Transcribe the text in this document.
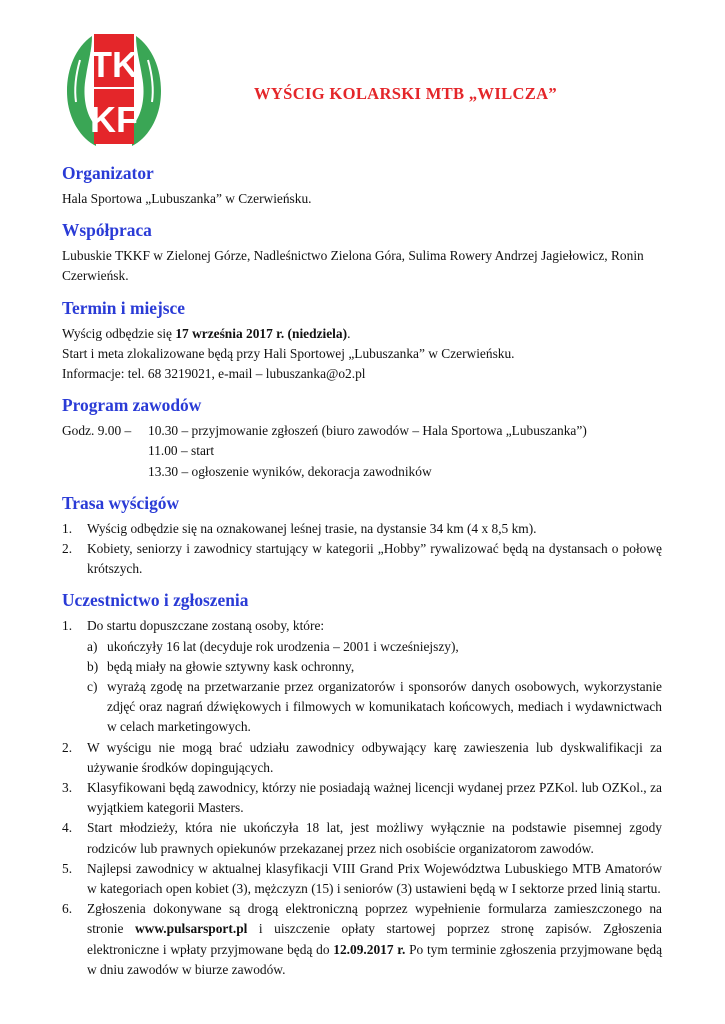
TK
KF
WYŚCIG KOLARSKI MTB „WILCZA”
Organizator

Hala Sportowa „Lubuszanka” w Czerwieńsku.

Współpraca

Lubuskie TKKF w Zielonej Górze, Nadleśnictwo Zielona Góra, Sulima Rowery Andrzej Jagiełowicz, Ronin Czerwieńsk.

Termin i miejsce

Wyścig odbędzie się 17 września 2017 r. (niedziela).

Start i meta zlokalizowane będą przy Hali Sportowej „Lubuszanka” w Czerwieńsku.

Informacje: tel. 68 3219021, e-mail – lubuszanka@o2.pl

Program zawodów
Godz. 9.00 –	10.30 – przyjmowanie zgłoszeń (biuro zawodów – Hala Sportowa „Lubuszanka”)
11.00 – start
13.30 – ogłoszenie wyników, dekoracja zawodników
Trasa wyścigów
1.	Wyścig odbędzie się na oznakowanej leśnej trasie, na dystansie 34 km (4 x 8,5 km).
2.	Kobiety, seniorzy i zawodnicy startujący w kategorii „Hobby” rywalizować będą na dystansach o połowę krótszych.
Uczestnictwo i zgłoszenia
1.	Do startu dopuszczane zostaną osoby, które:
a) ukończyły 16 lat (decyduje rok urodzenia – 2001 i wcześniejszy),
b) będą miały na głowie sztywny kask ochronny,
c) wyrażą zgodę na przetwarzanie przez organizatorów i sponsorów danych osobowych, wykorzystanie zdjęć oraz nagrań dźwiękowych i filmowych w komunikatach końcowych, mediach i wydawnictwach w celach marketingowych.
2.	W wyścigu nie mogą brać udziału zawodnicy odbywający karę zawieszenia lub dyskwalifikacji za używanie środków dopingujących.
3.	Klasyfikowani będą zawodnicy, którzy nie posiadają ważnej licencji wydanej przez PZKol. lub OZKol., za wyjątkiem kategorii Masters.
4.	Start młodzieży, która nie ukończyła 18 lat, jest możliwy wyłącznie na podstawie pisemnej zgody rodziców lub prawnych opiekunów przekazanej przez nich osobiście organizatorom zawodów.
5.	Najlepsi zawodnicy w aktualnej klasyfikacji VIII Grand Prix Województwa Lubuskiego MTB Amatorów w kategoriach open kobiet (3), mężczyzn (15) i seniorów (3) ustawieni będą w I sektorze przed linią startu.
6.	Zgłoszenia dokonywane są drogą elektroniczną poprzez wypełnienie formularza zamieszczonego na stronie www.pulsarsport.pl i uiszczenie opłaty startowej poprzez stronę zapisów. Zgłoszenia elektroniczne i wpłaty przyjmowane będą do 12.09.2017 r. Po tym terminie zgłoszenia przyjmowane będą w dniu zawodów w biurze zawodów.
